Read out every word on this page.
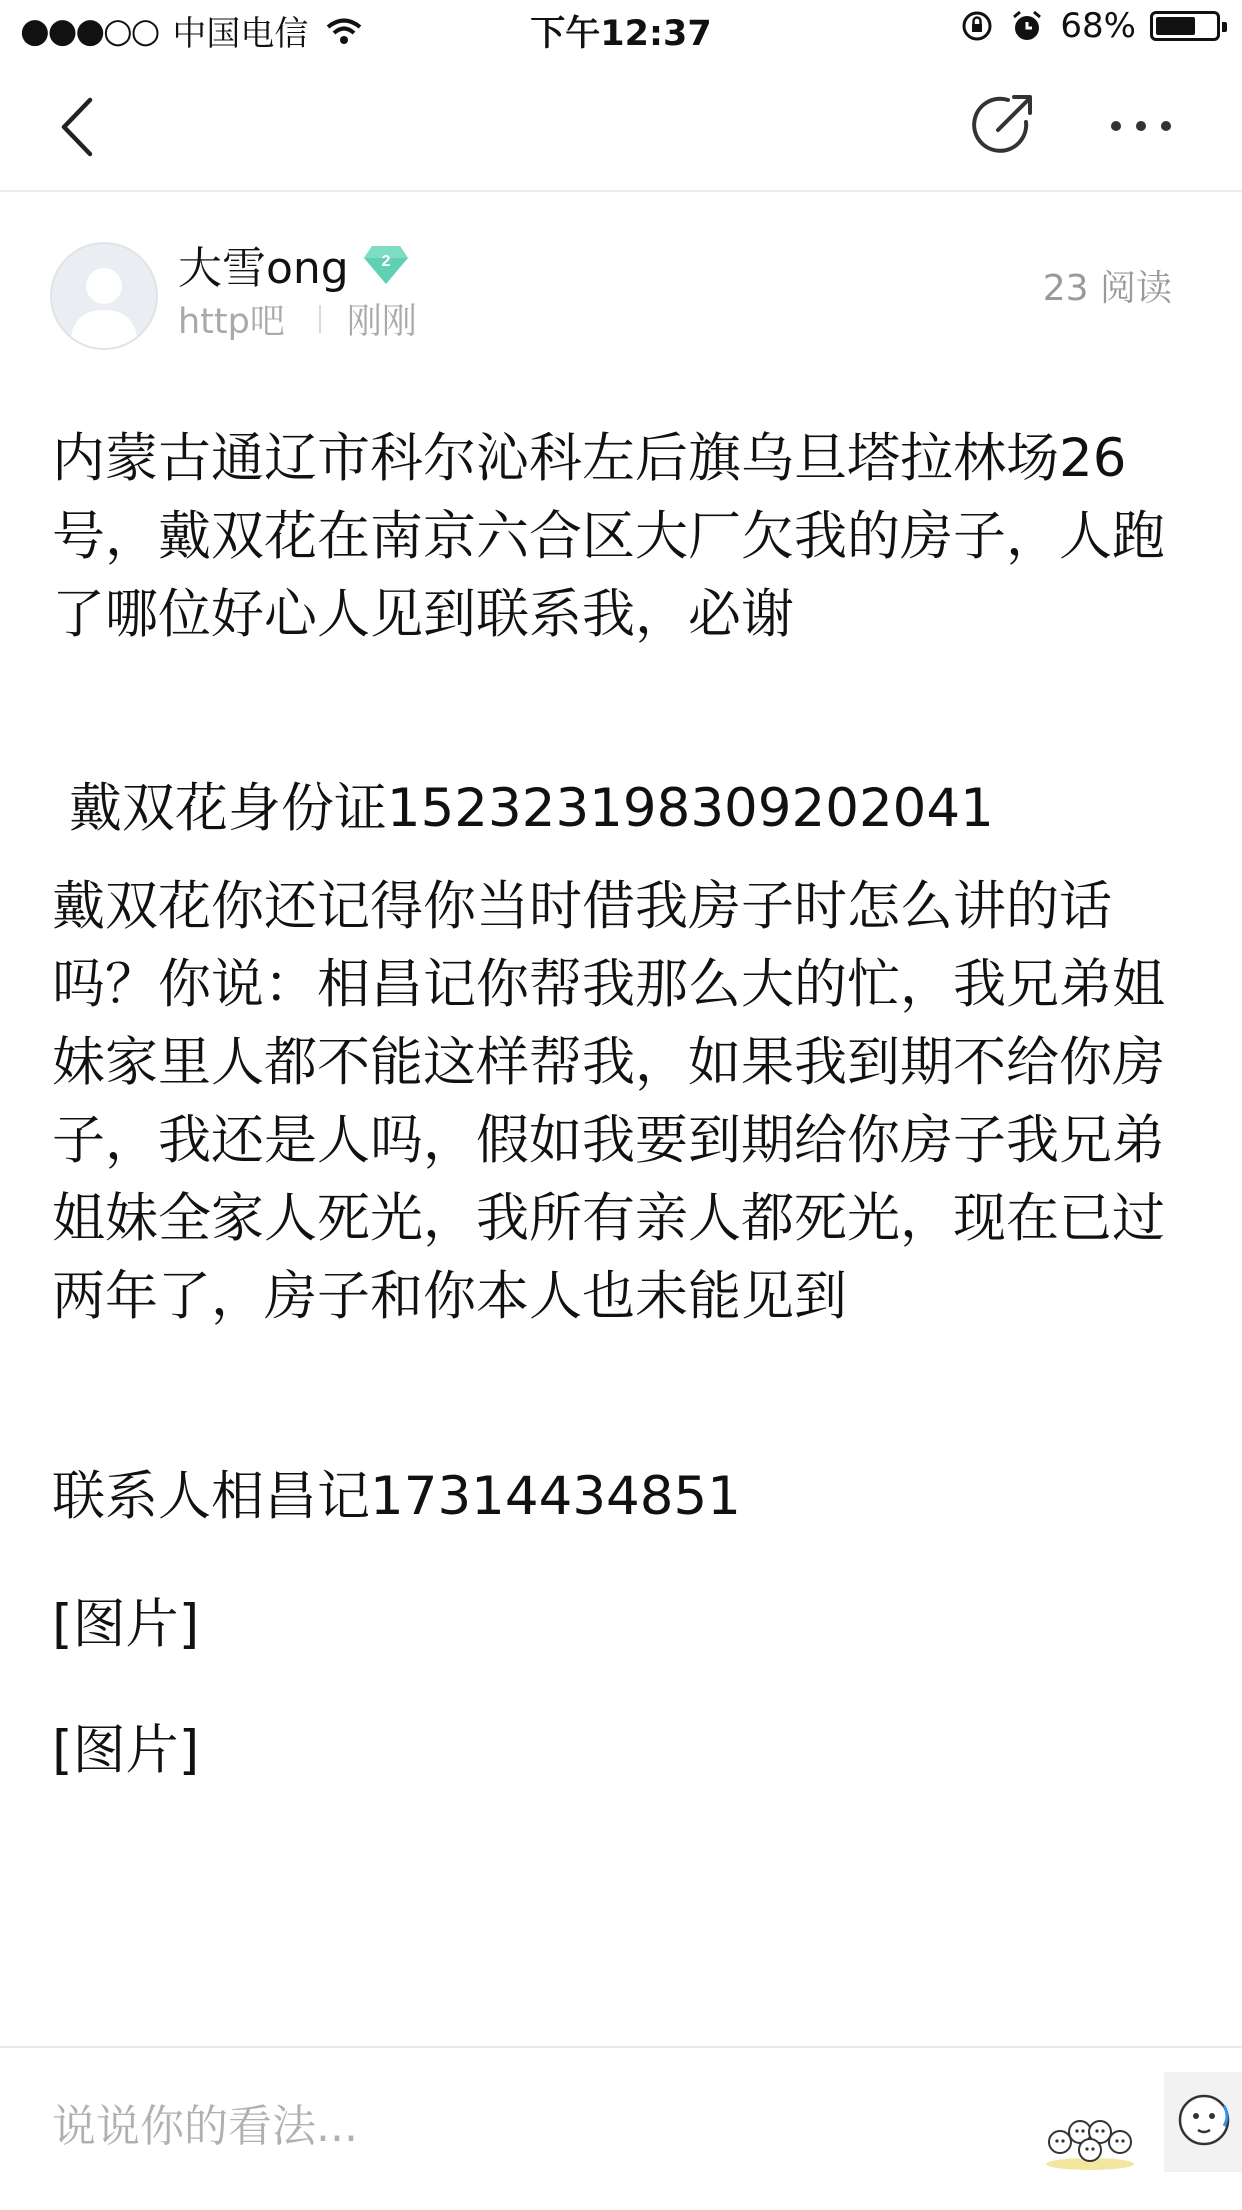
●●●○○ 中国电信	下午12:37	68%
大雪ong 2
http吧 刚刚
23 阅读

内蒙古通辽市科尔沁科左后旗乌旦塔拉林场26号，戴双花在南京六合区大厂欠我的房子，人跑了哪位好心人见到联系我，必谢

戴双花身份证152323198309202041

戴双花你还记得你当时借我房子时怎么讲的话吗？你说：相昌记你帮我那么大的忙，我兄弟姐妹家里人都不能这样帮我，如果我到期不给你房子，我还是人吗，假如我要到期给你房子我兄弟姐妹全家人死光，我所有亲人都死光，现在已过两年了，房子和你本人也未能见到

联系人相昌记17314434851

[图片]

[图片]

说说你的看法...
